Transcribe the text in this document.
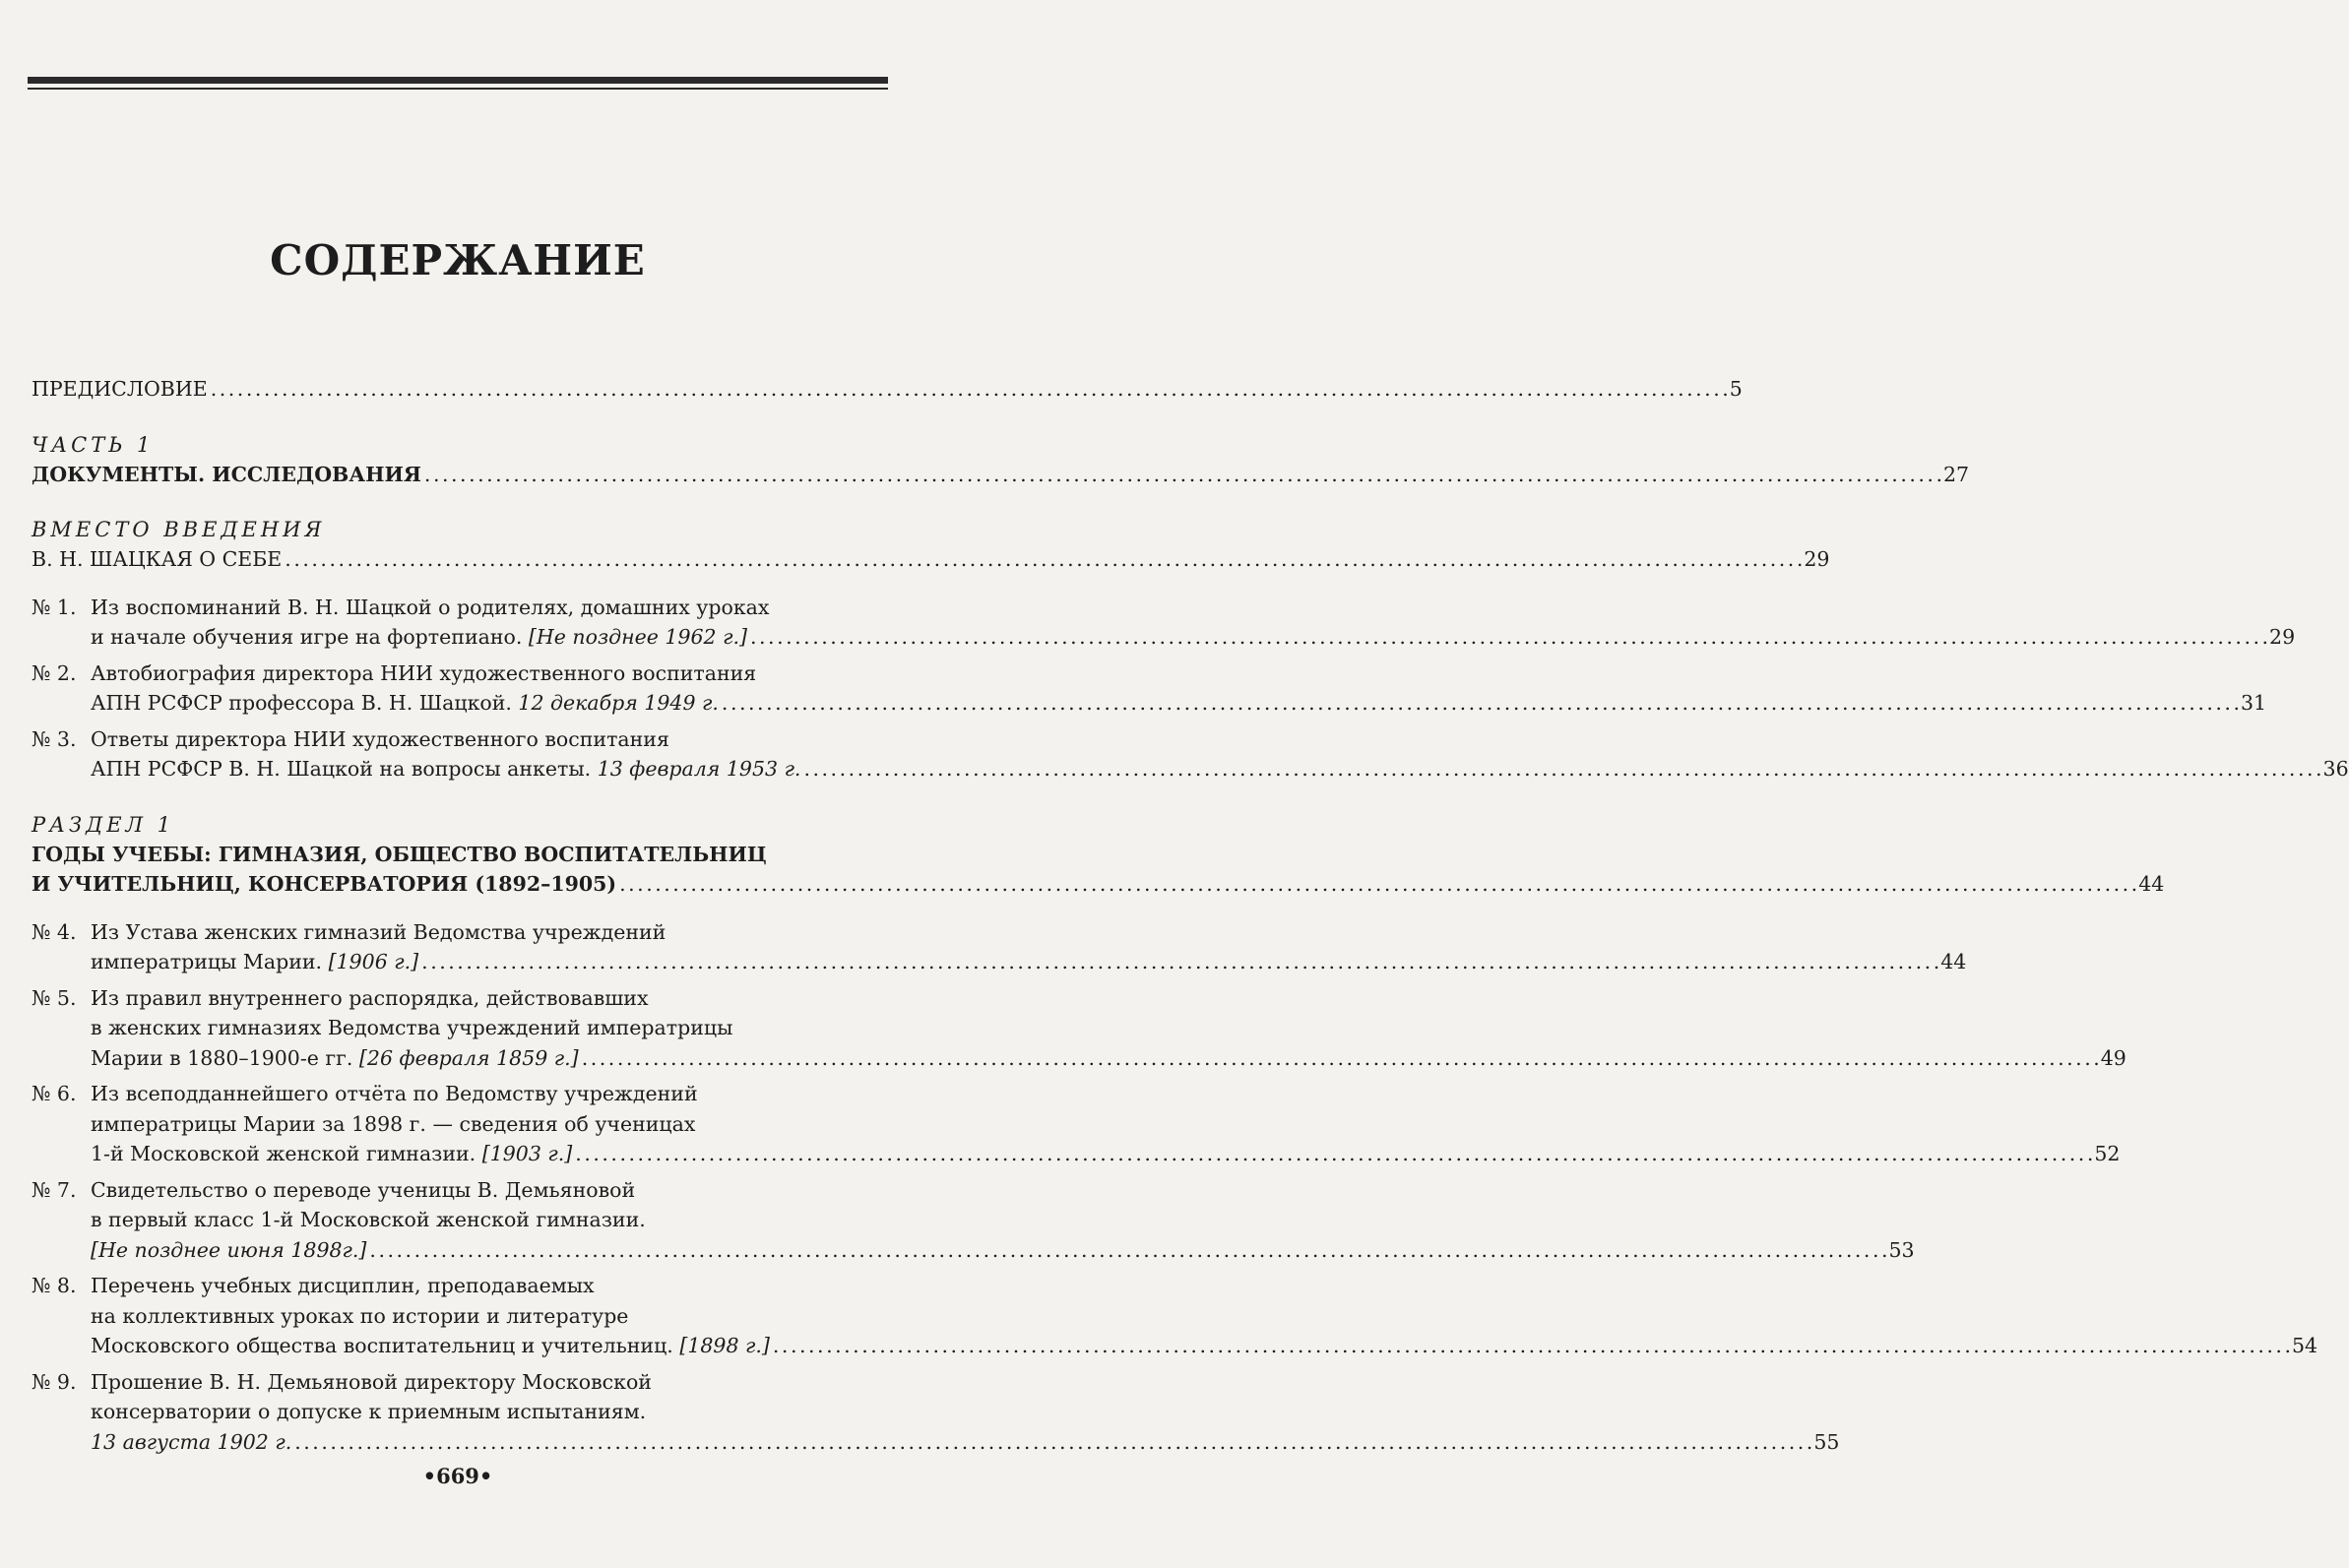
СОДЕРЖАНИЕ
ПРЕДИСЛОВИЕ . . .	5
ЧАСТЬ 1
ДОКУМЕНТЫ. ИССЛЕДОВАНИЯ . . .	27
ВМЕСТО ВВЕДЕНИЯ
В. Н. ШАЦКАЯ О СЕБЕ . . .	29
№ 1. Из воспоминаний В. Н. Шацкой о родителях, домашних уроках
и начале обучения игре на фортепиано. [Не позднее 1962 г.] . . .	29
№ 2. Автобиография директора НИИ художественного воспитания
АПН РСФСР профессора В. Н. Шацкой. 12 декабря 1949 г. . . .	31
№ 3. Ответы директора НИИ художественного воспитания
АПН РСФСР В. Н. Шацкой на вопросы анкеты. 13 февраля 1953 г. . . .	36
РАЗДЕЛ 1
ГОДЫ УЧЕБЫ: ГИМНАЗИЯ, ОБЩЕСТВО ВОСПИТАТЕЛЬНИЦ
И УЧИТЕЛЬНИЦ, КОНСЕРВАТОРИЯ (1892–1905) . . .	44
№ 4. Из Устава женских гимназий Ведомства учреждений
императрицы Марии. [1906 г.] . . .	44
№ 5. Из правил внутреннего распорядка, действовавших
в женских гимназиях Ведомства учреждений императрицы
Марии в 1880–1900-е гг. [26 февраля 1859 г.] . . .	49
№ 6. Из всеподданнейшего отчёта по Ведомству учреждений
императрицы Марии за 1898 г. — сведения об ученицах
1-й Московской женской гимназии. [1903 г.] . . .	52
№ 7. Свидетельство о переводе ученицы В. Демьяновой
в первый класс 1-й Московской женской гимназии.
[Не позднее июня 1898г.] . . .	53
№ 8. Перечень учебных дисциплин, преподаваемых
на коллективных уроках по истории и литературе
Московского общества воспитательниц и учительниц. [1898 г.] . . .	54
№ 9. Прошение В. Н. Демьяновой директору Московской
консерватории о допуске к приемным испытаниям.
13 августа 1902 г. . . .	55
•669•
